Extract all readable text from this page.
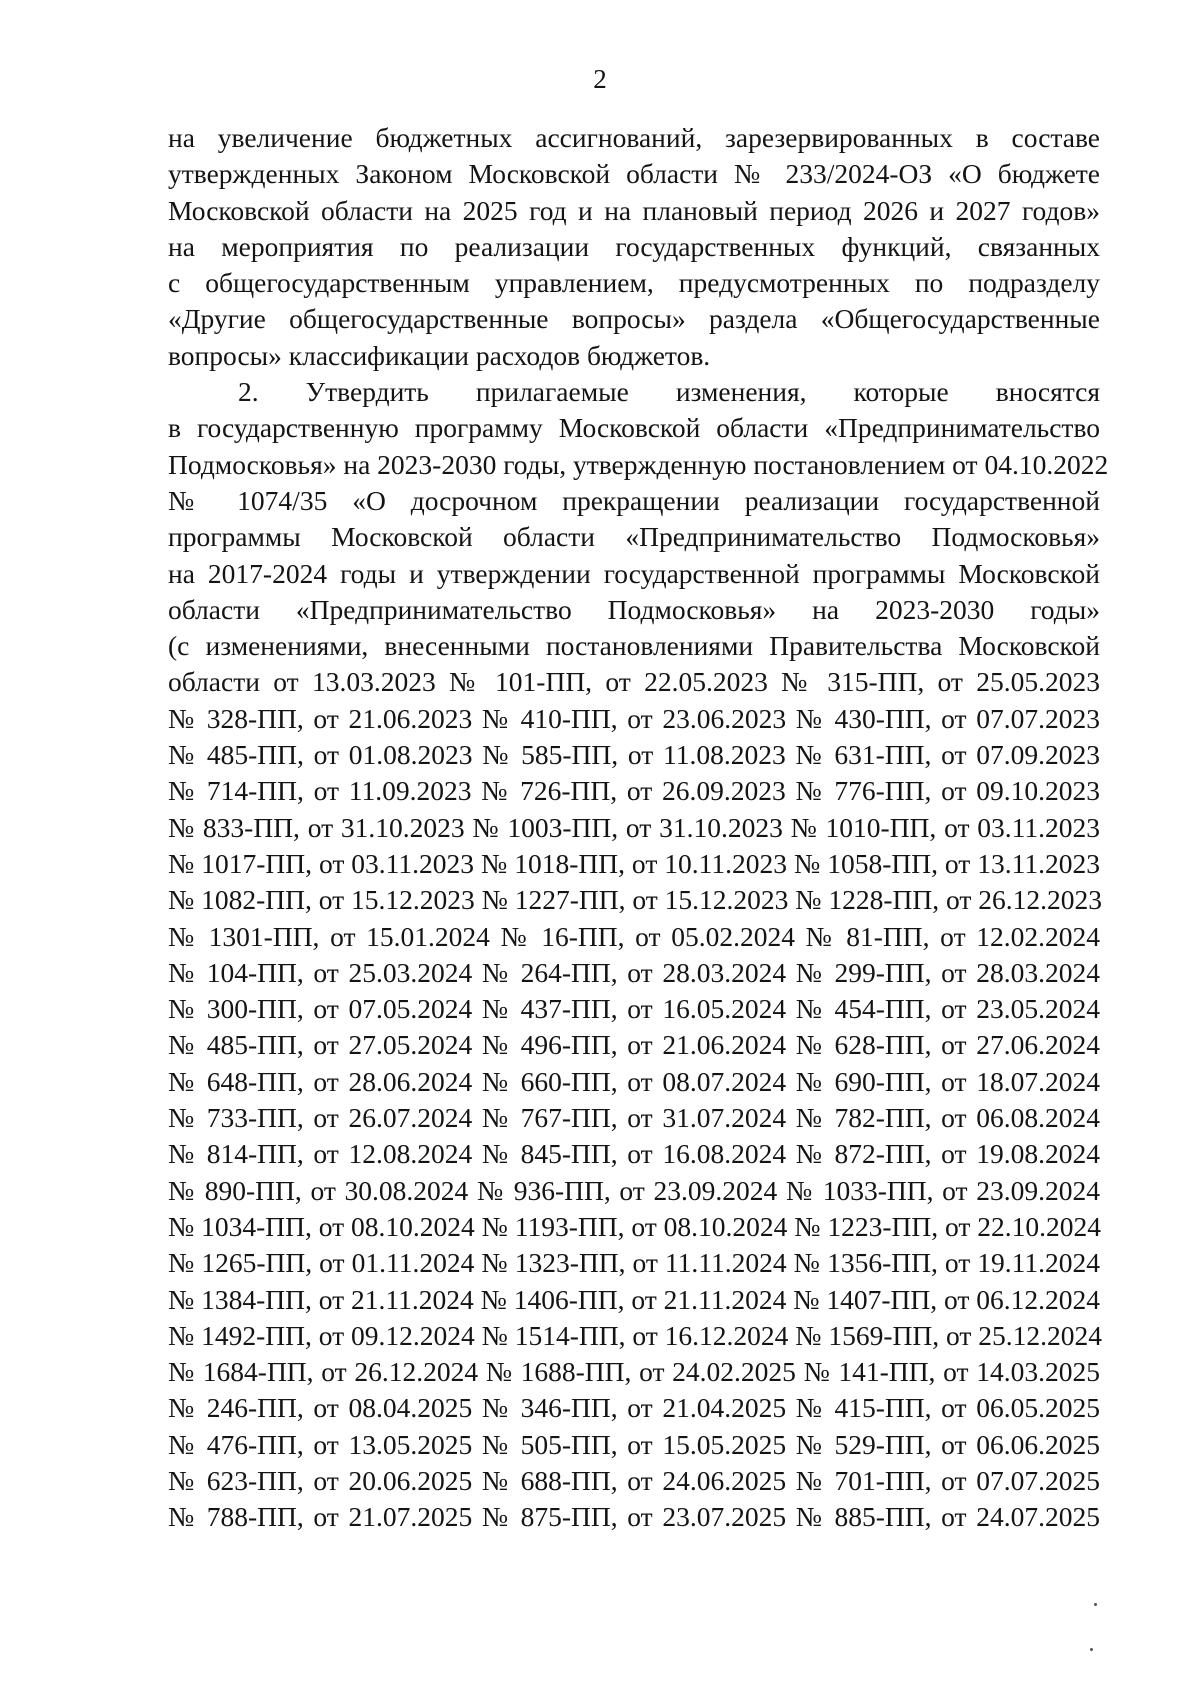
2
на увеличение бюджетных ассигнований, зарезервированных в составе
утвержденных Законом Московской области № 233/2024-ОЗ «О бюджете
Московской области на 2025 год и на плановый период 2026 и 2027 годов»
на мероприятия по реализации государственных функций, связанных
с общегосударственным управлением, предусмотренных по подразделу
«Другие общегосударственные вопросы» раздела «Общегосударственные
вопросы» классификации расходов бюджетов.
2. Утвердить прилагаемые изменения, которые вносятся
в государственную программу Московской области «Предпринимательство
Подмосковья» на 2023-2030 годы, утвержденную постановлением от 04.10.2022
№ 1074/35 «О досрочном прекращении реализации государственной
программы Московской области «Предпринимательство Подмосковья»
на 2017-2024 годы и утверждении государственной программы Московской
области «Предпринимательство Подмосковья» на 2023-2030 годы»
(с изменениями, внесенными постановлениями Правительства Московской
области от 13.03.2023 № 101-ПП, от 22.05.2023 № 315-ПП, от 25.05.2023
№ 328-ПП, от 21.06.2023 № 410-ПП, от 23.06.2023 № 430-ПП, от 07.07.2023
№ 485-ПП, от 01.08.2023 № 585-ПП, от 11.08.2023 № 631-ПП, от 07.09.2023
№ 714-ПП, от 11.09.2023 № 726-ПП, от 26.09.2023 № 776-ПП, от 09.10.2023
№ 833-ПП, от 31.10.2023 № 1003-ПП, от 31.10.2023 № 1010-ПП, от 03.11.2023
№ 1017-ПП, от 03.11.2023 № 1018-ПП, от 10.11.2023 № 1058-ПП, от 13.11.2023
№ 1082-ПП, от 15.12.2023 № 1227-ПП, от 15.12.2023 № 1228-ПП, от 26.12.2023
№ 1301-ПП, от 15.01.2024 № 16-ПП, от 05.02.2024 № 81-ПП, от 12.02.2024
№ 104-ПП, от 25.03.2024 № 264-ПП, от 28.03.2024 № 299-ПП, от 28.03.2024
№ 300-ПП, от 07.05.2024 № 437-ПП, от 16.05.2024 № 454-ПП, от 23.05.2024
№ 485-ПП, от 27.05.2024 № 496-ПП, от 21.06.2024 № 628-ПП, от 27.06.2024
№ 648-ПП, от 28.06.2024 № 660-ПП, от 08.07.2024 № 690-ПП, от 18.07.2024
№ 733-ПП, от 26.07.2024 № 767-ПП, от 31.07.2024 № 782-ПП, от 06.08.2024
№ 814-ПП, от 12.08.2024 № 845-ПП, от 16.08.2024 № 872-ПП, от 19.08.2024
№ 890-ПП, от 30.08.2024 № 936-ПП, от 23.09.2024 № 1033-ПП, от 23.09.2024
№ 1034-ПП, от 08.10.2024 № 1193-ПП, от 08.10.2024 № 1223-ПП, от 22.10.2024
№ 1265-ПП, от 01.11.2024 № 1323-ПП, от 11.11.2024 № 1356-ПП, от 19.11.2024
№ 1384-ПП, от 21.11.2024 № 1406-ПП, от 21.11.2024 № 1407-ПП, от 06.12.2024
№ 1492-ПП, от 09.12.2024 № 1514-ПП, от 16.12.2024 № 1569-ПП, от 25.12.2024
№ 1684-ПП, от 26.12.2024 № 1688-ПП, от 24.02.2025 № 141-ПП, от 14.03.2025
№ 246-ПП, от 08.04.2025 № 346-ПП, от 21.04.2025 № 415-ПП, от 06.05.2025
№ 476-ПП, от 13.05.2025 № 505-ПП, от 15.05.2025 № 529-ПП, от 06.06.2025
№ 623-ПП, от 20.06.2025 № 688-ПП, от 24.06.2025 № 701-ПП, от 07.07.2025
№ 788-ПП, от 21.07.2025 № 875-ПП, от 23.07.2025 № 885-ПП, от 24.07.2025
